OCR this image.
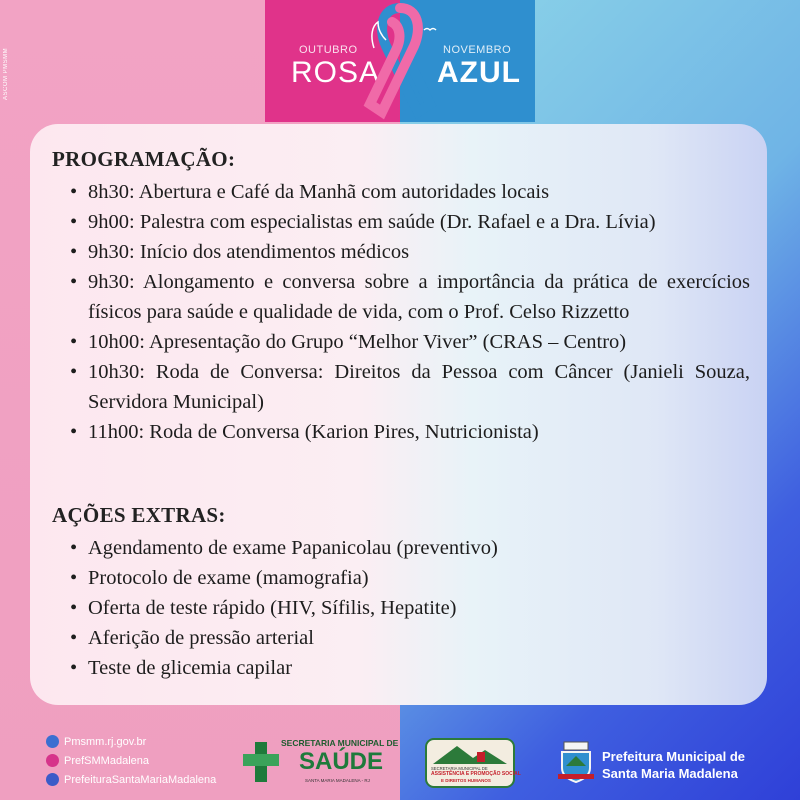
ASCOM PMSMM	OUTUBRO
ROSA
NOVEMBRO
AZUL
PROGRAMAÇÃO:
• 8h30: Abertura e Café da Manhã com autoridades locais
• 9h00: Palestra com especialistas em saúde (Dr. Rafael e a Dra. Lívia)
• 9h30: Início dos atendimentos médicos
• 9h30: Alongamento e conversa sobre a importância da prática de exercícios físicos para saúde e qualidade de vida, com o Prof. Celso Rizzetto
• 10h00: Apresentação do Grupo “Melhor Viver” (CRAS – Centro)
• 10h30: Roda de Conversa: Direitos da Pessoa com Câncer (Janieli Souza, Servidora Municipal)
• 11h00: Roda de Conversa (Karion Pires, Nutricionista)
AÇÕES EXTRAS:
• Agendamento de exame Papanicolau (preventivo)
• Protocolo de exame (mamografia)
• Oferta de teste rápido (HIV, Sífilis, Hepatite)
• Aferição de pressão arterial
• Teste de glicemia capilar
Pmsmm.rj.gov.br
PrefSMMadalena
PrefeituraSantaMariaMadalena
SECRETARIA MUNICIPAL DE
SAÚDE
SANTA MARIA MADALENA - RJ
SECRETARIA MUNICIPAL DE
ASSISTÊNCIA E PROMOÇÃO SOCIAL
E DIREITOS HUMANOS
Prefeitura Municipal de
Santa Maria Madalena
